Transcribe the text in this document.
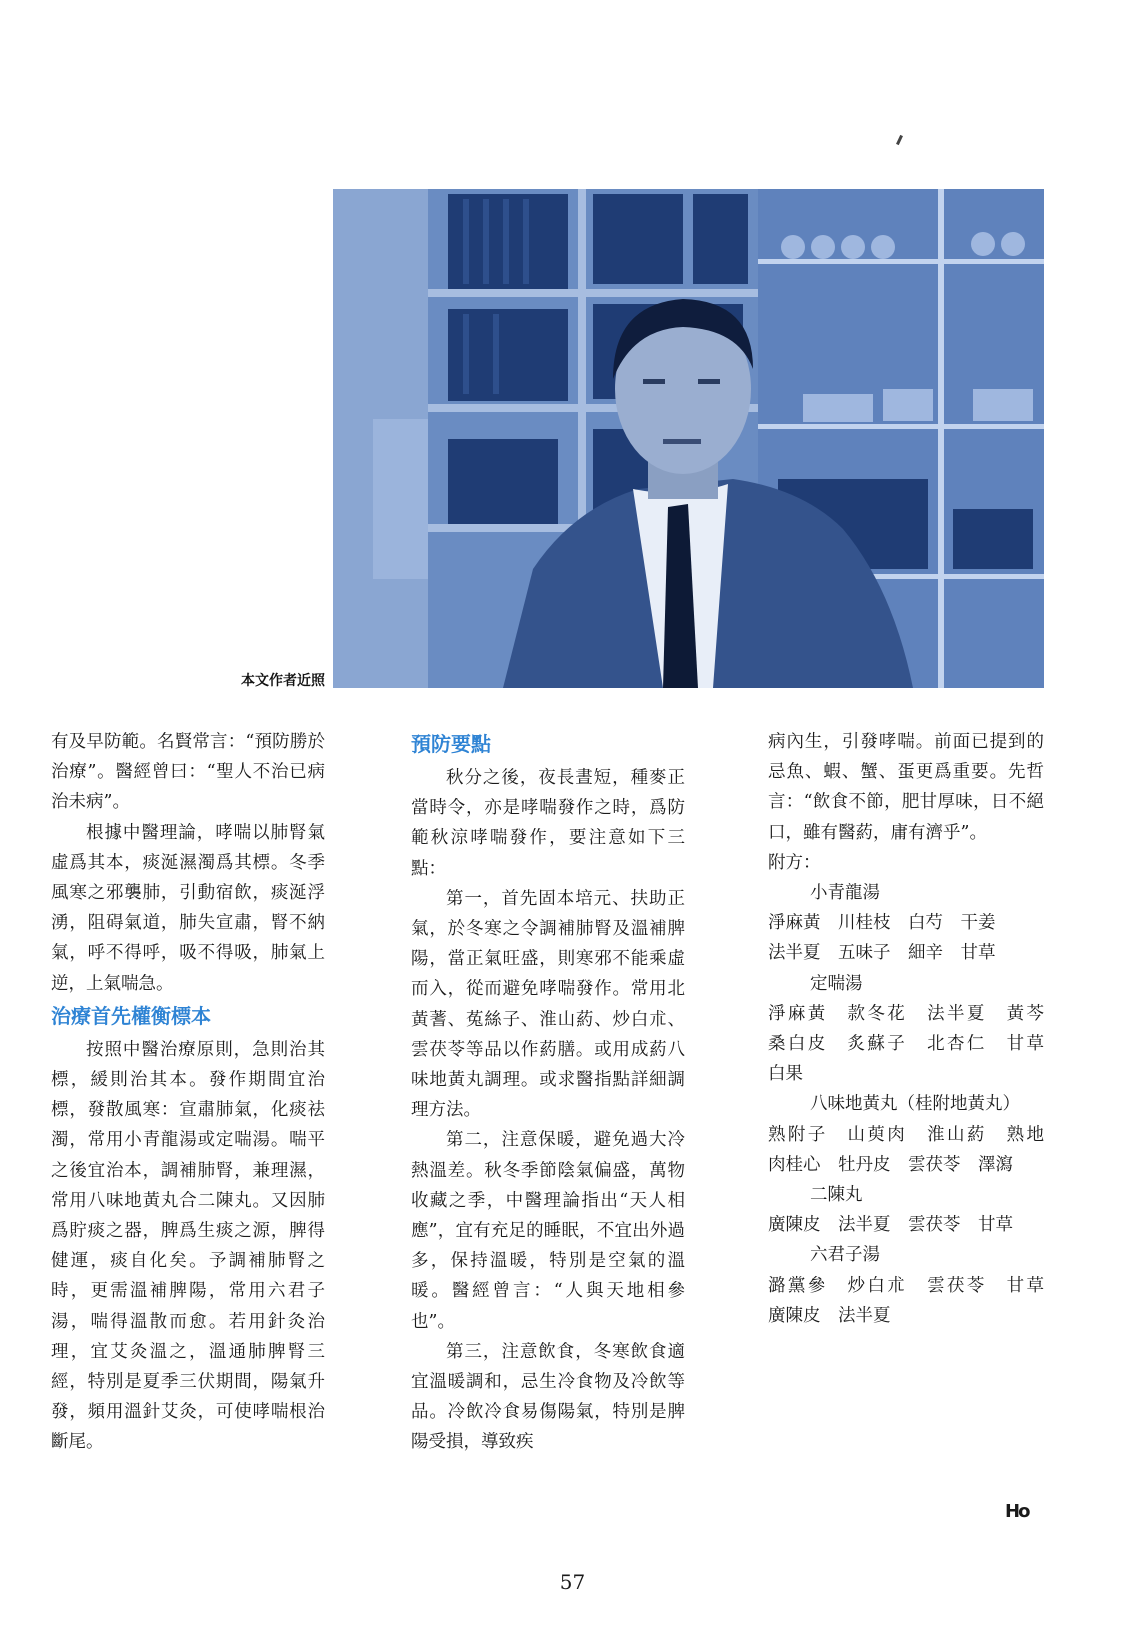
本文作者近照

有及早防範。名賢常言：“預防勝於治療”。醫經曾曰：“聖人不治已病治未病”。

根據中醫理論，哮喘以肺腎氣虛爲其本，痰涎濕濁爲其標。冬季風寒之邪襲肺，引動宿飲，痰涎浮湧，阻碍氣道，肺失宣肅，腎不納氣，呼不得呼，吸不得吸，肺氣上逆，上氣喘急。

治療首先權衡標本

按照中醫治療原則，急則治其標，緩則治其本。發作期間宜治標，發散風寒：宣肅肺氣，化痰祛濁，常用小青龍湯或定喘湯。喘平之後宜治本，調補肺腎，兼理濕，常用八味地黃丸合二陳丸。又因肺爲貯痰之器，脾爲生痰之源，脾得健運，痰自化矣。予調補肺腎之時，更需溫補脾陽，常用六君子湯，喘得溫散而愈。若用針灸治理，宜艾灸溫之，溫通肺脾腎三經，特別是夏季三伏期間，陽氣升發，頻用溫針艾灸，可使哮喘根治斷尾。

預防要點

秋分之後，夜長晝短，種麥正當時令，亦是哮喘發作之時，爲防範秋涼哮喘發作，要注意如下三點：

第一，首先固本培元、扶助正氣，於冬寒之令調補肺腎及溫補脾陽，當正氣旺盛，則寒邪不能乘虛而入，從而避免哮喘發作。常用北黃蓍、菟絲子、淮山葯、炒白朮、雲茯苓等品以作葯膳。或用成葯八味地黃丸調理。或求醫指點詳細調理方法。

第二，注意保暖，避免過大冷熱溫差。秋冬季節陰氣偏盛，萬物收藏之季，中醫理論指出“天人相應”，宜有充足的睡眠，不宜出外過多，保持溫暖，特別是空氣的溫暖。醫經曾言：“人與天地相參也”。

第三，注意飲食，冬寒飲食適宜溫暖調和，忌生冷食物及冷飲等品。冷飲冷食易傷陽氣，特別是脾陽受損，導致疾

病內生，引發哮喘。前面已提到的忌魚、蝦、蟹、蛋更爲重要。先哲言：“飲食不節，肥甘厚味，日不絕口，雖有醫葯，庸有濟乎”。

附方：

小青龍湯

淨麻黃　川桂枝　白芍　干姜

法半夏　五味子　細辛　甘草

定喘湯

淨麻黃　款冬花　法半夏　黃芩　桑白皮　炙蘇子　北杏仁　甘草　白果

八味地黃丸（桂附地黃丸）

熟附子　山萸肉　淮山葯　熟地　肉桂心　牡丹皮　雲茯苓　澤瀉

二陳丸

廣陳皮　法半夏　雲茯苓　甘草

六君子湯

潞黨參　炒白朮　雲茯苓　甘草　廣陳皮　法半夏

Ho
57
